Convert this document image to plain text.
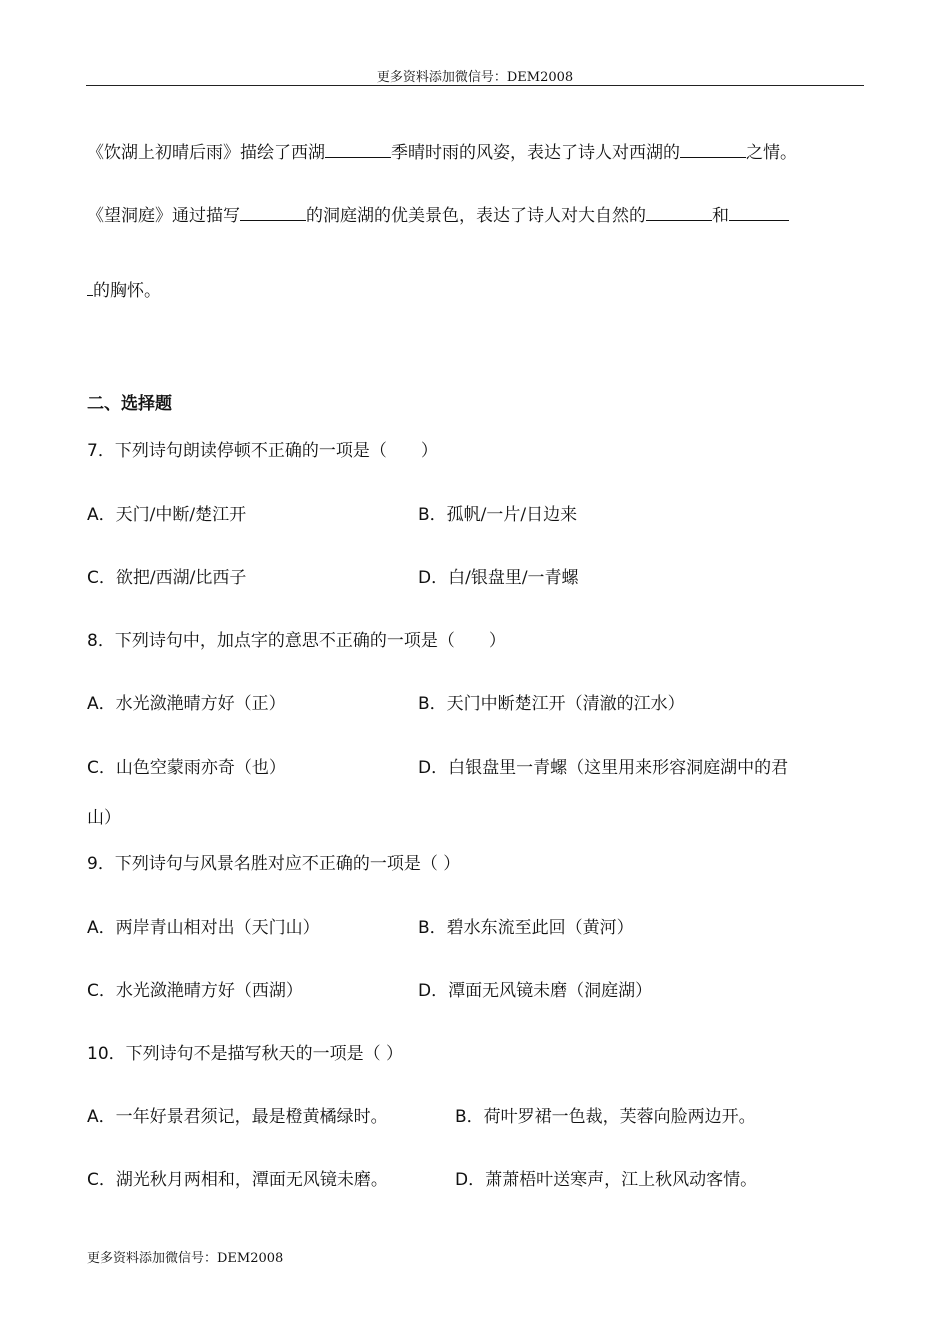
更多资料添加微信号：DEM2008
《饮湖上初晴后雨》描绘了西湖	季晴时雨的风姿，表达了诗人对西湖的	之情。
《望洞庭》通过描写	的洞庭湖的优美景色，表达了诗人对大自然的	和
的胸怀。
二、选择题
7．下列诗句朗读停顿不正确的一项是（　　）
A．天门/中断/楚江开	B．孤帆/一片/日边来
C．欲把/西湖/比西子	D．白/银盘里/一青螺
8．下列诗句中，加点字的意思不正确的一项是（　　）
A．水光潋滟晴方好（正）	B．天门中断楚江开（清澈的江水）
C．山色空蒙雨亦奇（也）	D．白银盘里一青螺（这里用来形容洞庭湖中的君
山）
9．下列诗句与风景名胜对应不正确的一项是（ ）
A．两岸青山相对出（天门山）	B．碧水东流至此回（黄河）
C．水光潋滟晴方好（西湖）	D．潭面无风镜未磨（洞庭湖）
10．下列诗句不是描写秋天的一项是（ ）
A．一年好景君须记，最是橙黄橘绿时。	B．荷叶罗裙一色裁，芙蓉向脸两边开。
C．湖光秋月两相和，潭面无风镜未磨。	D．萧萧梧叶送寒声，江上秋风动客情。
更多资料添加微信号：DEM2008
